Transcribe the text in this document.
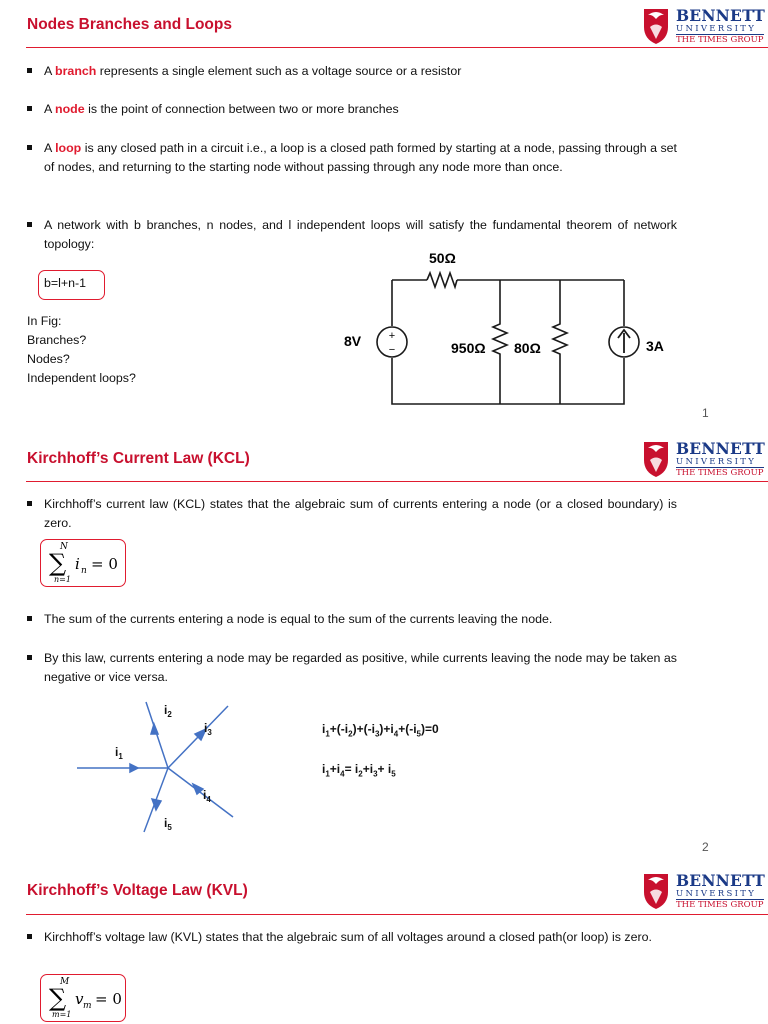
Nodes Branches and Loops	BENNETT
UNIVERSITY
THE TIMES GROUP
A branch represents a single element such as a voltage source or a resistor
A node is the point of connection between two or more branches
A loop is any closed path in a circuit i.e., a loop is a closed path formed by starting at a node, passing through a set of nodes, and returning to the starting node without passing through any node more than once.
A network with b branches, n nodes, and l independent loops will satisfy the fundamental theorem of network topology:
b=l+n-1
In Fig:
Branches?
Nodes?
Independent loops?
+
−
50Ω
8V	950Ω 80Ω	3A
1
Kirchhoff’s Current Law (KCL)
BENNETT
UNIVERSITY
THE TIMES GROUP
Kirchhoff’s current law (KCL) states that the algebraic sum of currents entering a node (or a closed boundary) is zero.
N
∑
n=1
i n = 0
The sum of the currents entering a node is equal to the sum of the currents leaving the node.
By this law, currents entering a node may be regarded as positive, while currents leaving the node may be taken as negative or vice versa.
$i_1$
$i_2$
$i_3$
$i_4$
$i_5$
$i_1+(-i_2)+(-i_3)+i_4+(-i_5)=0$
$i_1+i_4= i_2+i_3+ i_5$
2
Kirchhoff’s Voltage Law (KVL)
BENNETT
UNIVERSITY
THE TIMES GROUP
Kirchhoff’s voltage law (KVL) states that the algebraic sum of all voltages around a closed path(or loop) is zero.
M
∑
m=1
v m = 0
